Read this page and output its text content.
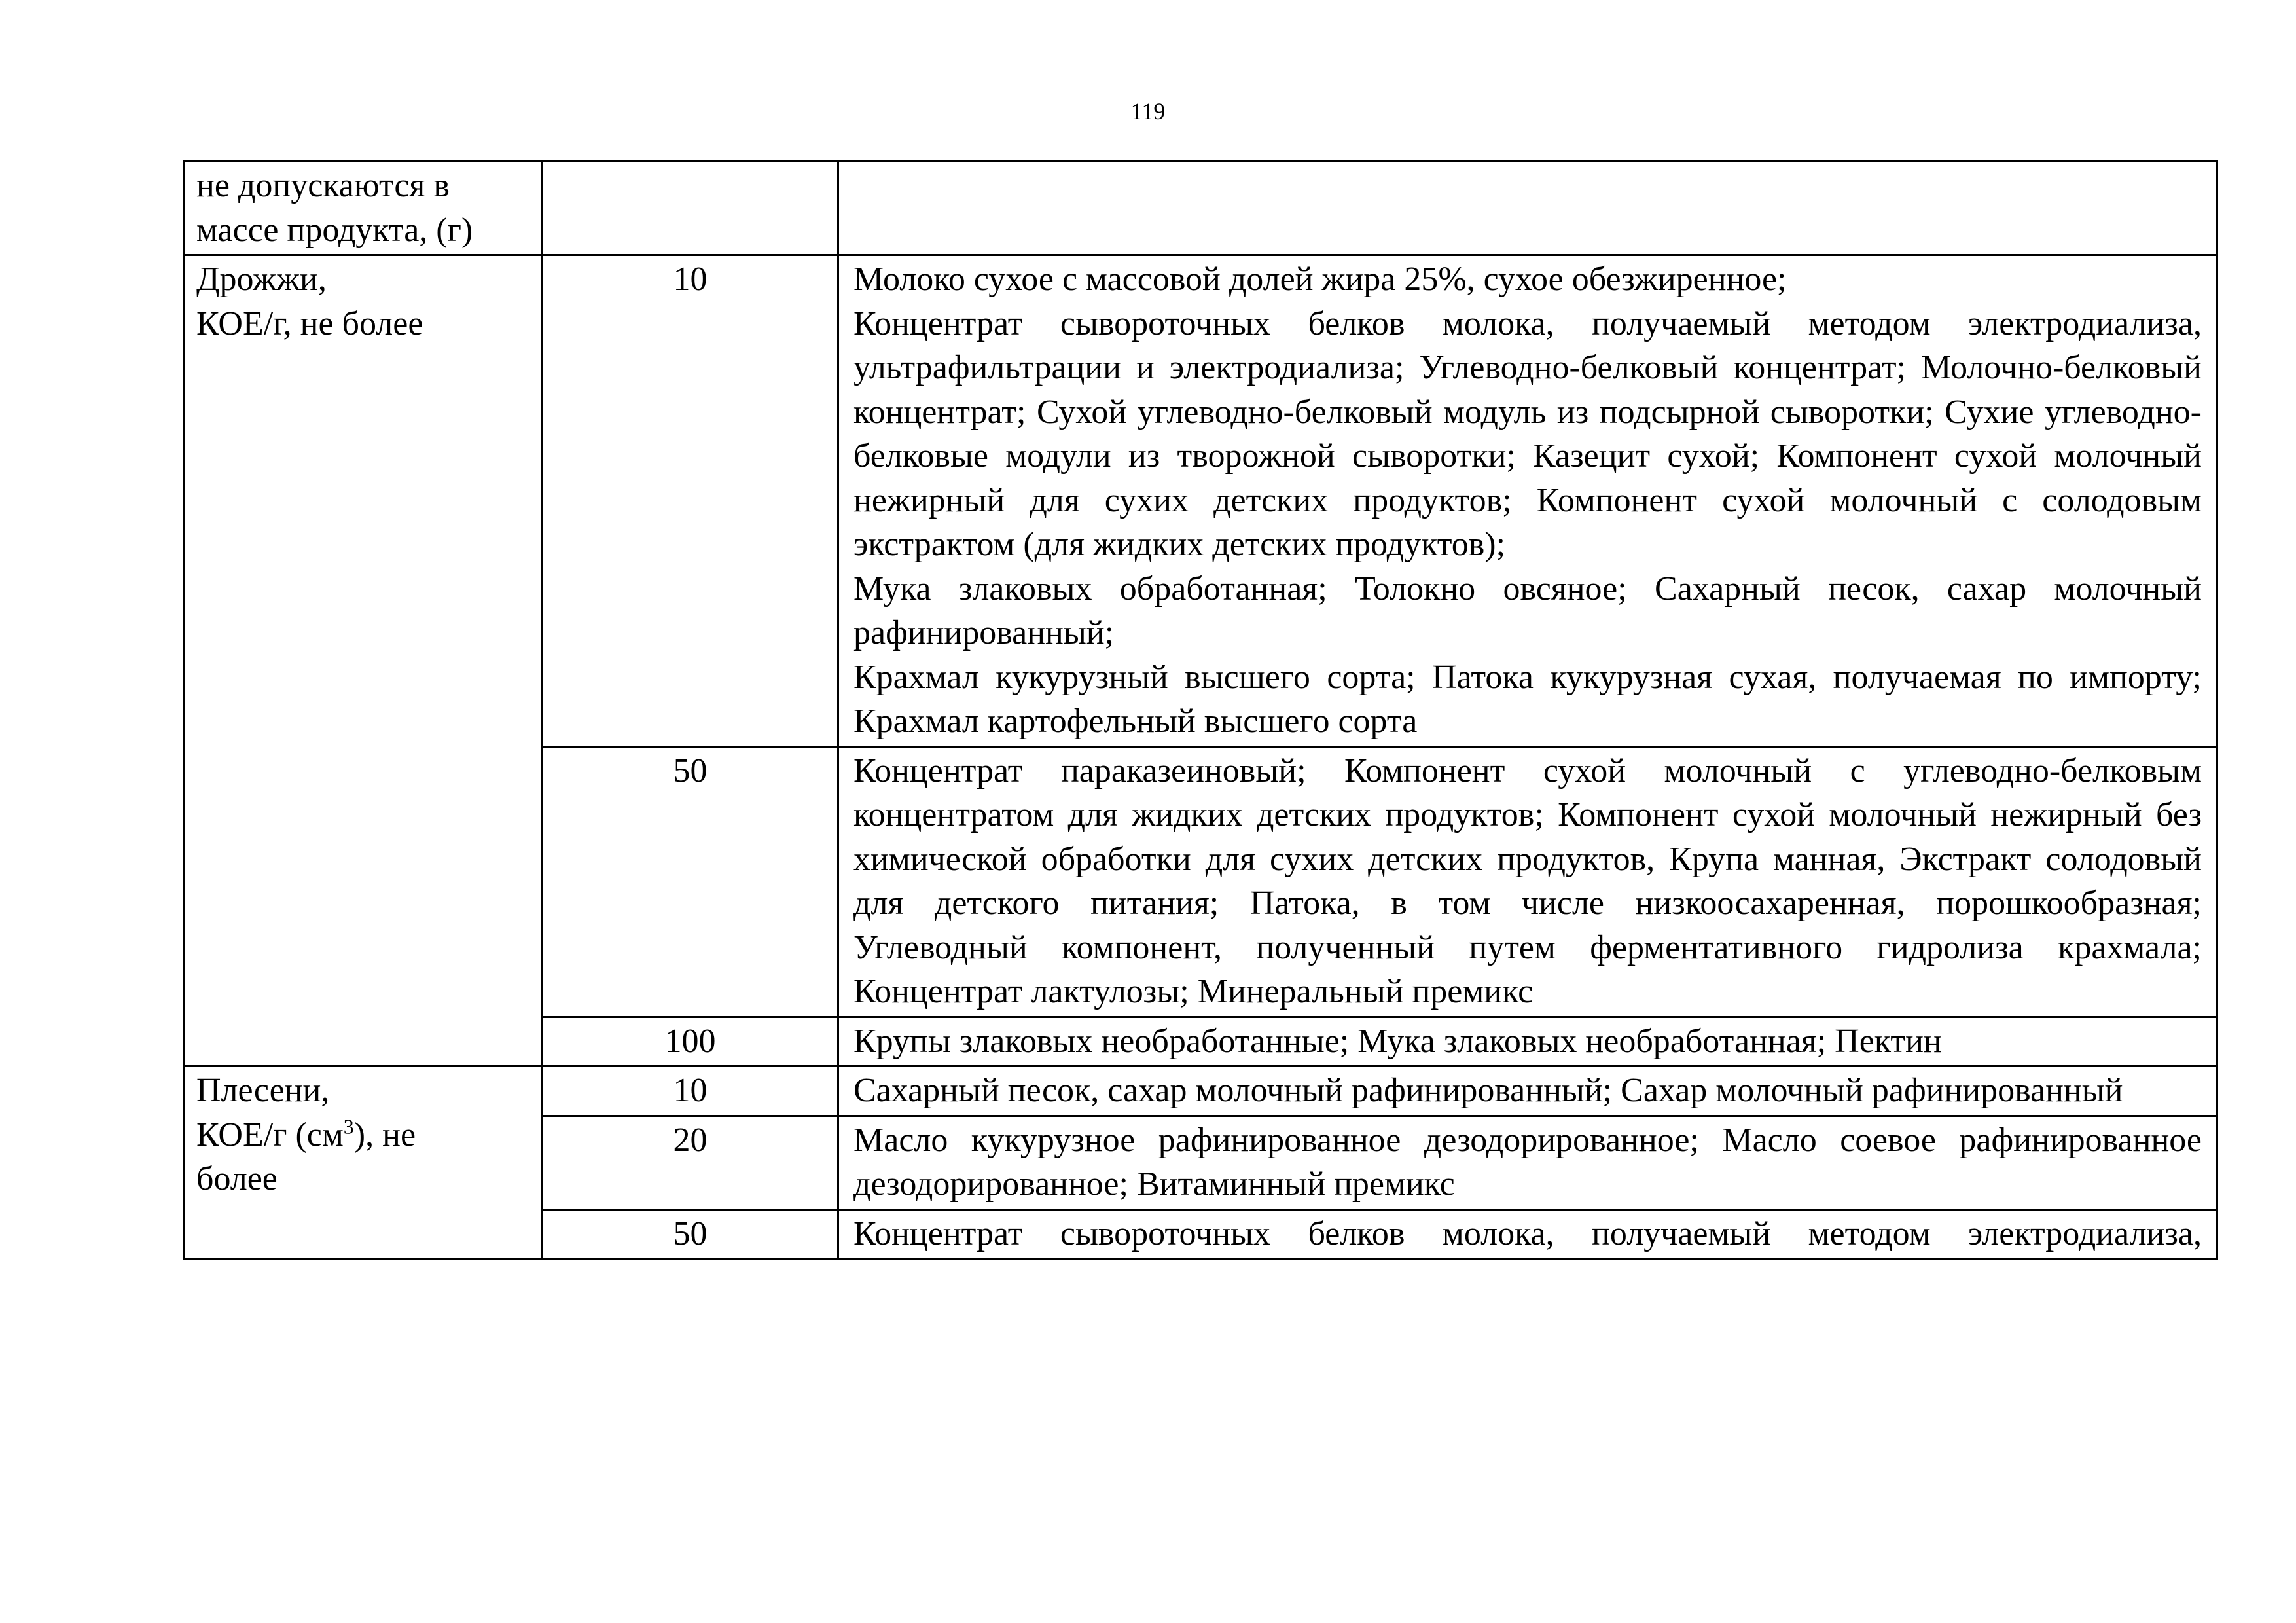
119
не допускаются в
массе продукта, (г)		

Дрожжи,
КОЕ/г, не более	10	Молоко сухое с массовой долей жира 25%, сухое обезжиренное;
Концентрат сывороточных белков молока, получаемый методом электродиализа, ультрафильтрации и электродиализа; Углеводно-белковый концентрат; Молочно-белковый концентрат; Сухой углеводно-белковый модуль из подсырной сыворотки; Сухие углеводно-белковые модули из творожной сыворотки; Казецит сухой; Компонент сухой молочный нежирный для сухих детских продуктов; Компонент сухой молочный с солодовым экстрактом (для жидких детских продуктов);
Мука злаковых обработанная; Толокно овсяное; Сахарный песок, сахар молочный рафинированный;
Крахмал кукурузный высшего сорта; Патока кукурузная сухая, получаемая по импорту; Крахмал картофельный высшего сорта

	50	Концентрат параказеиновый; Компонент сухой молочный с углеводно-белковым концентратом для жидких детских продуктов; Компонент сухой молочный нежирный без химической обработки для сухих детских продуктов, Крупа манная, Экстракт солодовый для детского питания; Патока, в том числе низкоосахаренная, порошкообразная; Углеводный компонент, полученный путем ферментативного гидролиза крахмала; Концентрат лактулозы; Минеральный премикс

	100	Крупы злаковых необработанные; Мука злаковых необработанная; Пектин

Плесени,
КОЕ/г $(см^3)$, не
более	10	Сахарный песок, сахар молочный рафинированный; Сахар молочный рафинированный

	20	Масло кукурузное рафинированное дезодорированное; Масло соевое рафинированное дезодорированное; Витаминный премикс

	50	Концентрат сывороточных белков молока, получаемый методом электродиализа,
